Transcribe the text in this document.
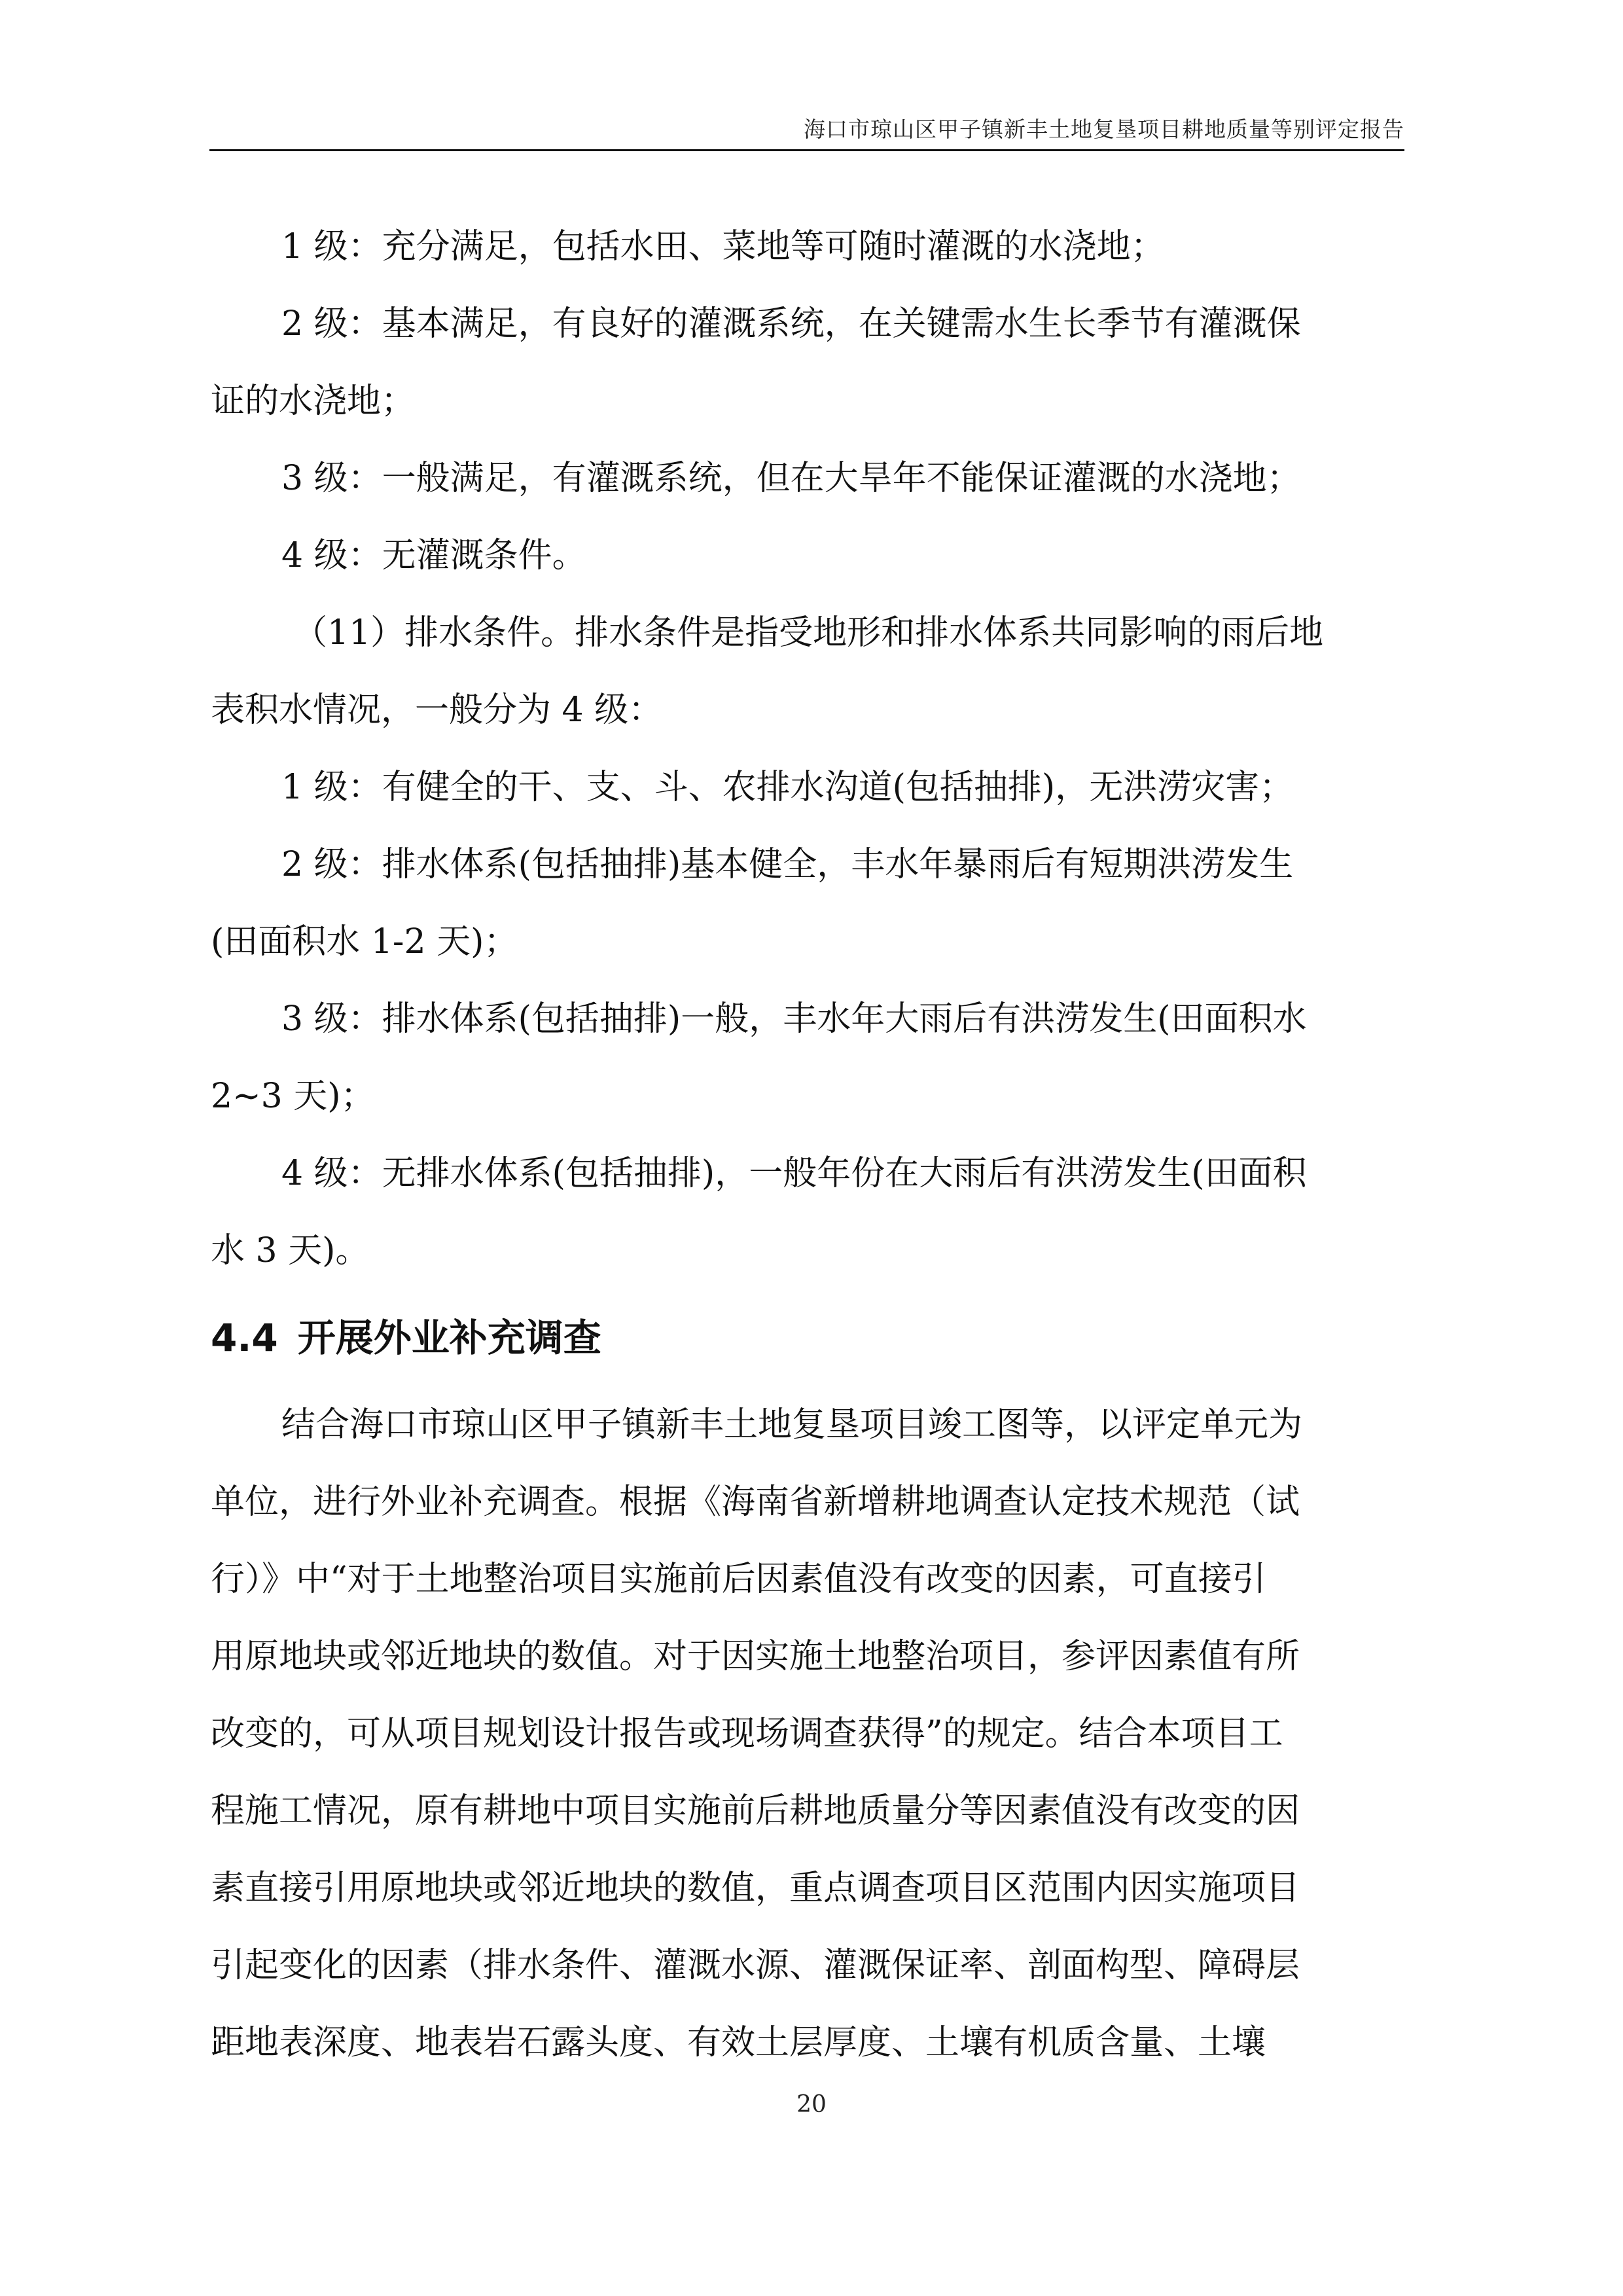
海口市琼山区甲子镇新丰土地复垦项目耕地质量等别评定报告
1 级：充分满足，包括水田、菜地等可随时灌溉的水浇地；
2 级：基本满足，有良好的灌溉系统，在关键需水生长季节有灌溉保
证的水浇地；
3 级：一般满足，有灌溉系统，但在大旱年不能保证灌溉的水浇地；
4 级：无灌溉条件。
（11）排水条件。排水条件是指受地形和排水体系共同影响的雨后地
表积水情况，一般分为 4 级：
1 级：有健全的干、支、斗、农排水沟道(包括抽排)，无洪涝灾害；
2 级：排水体系(包括抽排)基本健全，丰水年暴雨后有短期洪涝发生
(田面积水 1-2 天)；
3 级：排水体系(包括抽排)一般，丰水年大雨后有洪涝发生(田面积水
2~3 天)；
4 级：无排水体系(包括抽排)，一般年份在大雨后有洪涝发生(田面积
水 3 天)。
4.4 开展外业补充调查
结合海口市琼山区甲子镇新丰土地复垦项目竣工图等，以评定单元为
单位，进行外业补充调查。根据《海南省新增耕地调查认定技术规范（试
行）》中“对于土地整治项目实施前后因素值没有改变的因素，可直接引
用原地块或邻近地块的数值。对于因实施土地整治项目，参评因素值有所
改变的，可从项目规划设计报告或现场调查获得”的规定。结合本项目工
程施工情况，原有耕地中项目实施前后耕地质量分等因素值没有改变的因
素直接引用原地块或邻近地块的数值，重点调查项目区范围内因实施项目
引起变化的因素（排水条件、灌溉水源、灌溉保证率、剖面构型、障碍层
距地表深度、地表岩石露头度、有效土层厚度、土壤有机质含量、土壤
20
